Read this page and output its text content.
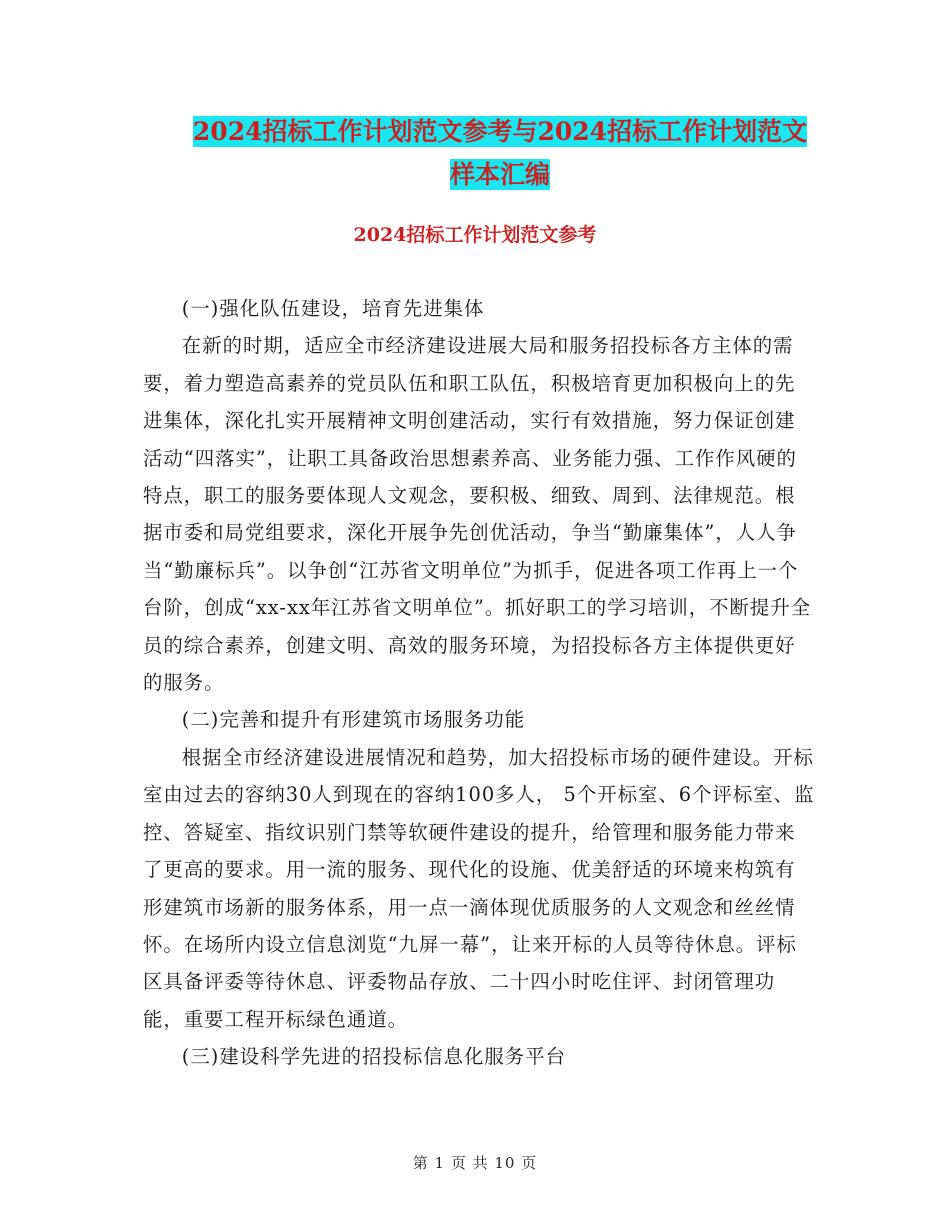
2024招标工作计划范文参考与2024招标工作计划范文
样本汇编
2024招标工作计划范文参考

(一)强化队伍建设，培育先进集体

在新的时期，适应全市经济建设进展大局和服务招投标各方主体的需要，着力塑造高素养的党员队伍和职工队伍，积极培育更加积极向上的先进集体，深化扎实开展精神文明创建活动，实行有效措施，努力保证创建活动“四落实”，让职工具备政治思想素养高、业务能力强、工作作风硬的特点，职工的服务要体现人文观念，要积极、细致、周到、法律规范。根据市委和局党组要求，深化开展争先创优活动，争当“勤廉集体”，人人争当“勤廉标兵”。以争创“江苏省文明单位”为抓手，促进各项工作再上一个台阶，创成“xx-xx年江苏省文明单位”。抓好职工的学习培训，不断提升全员的综合素养，创建文明、高效的服务环境，为招投标各方主体提供更好的服务。

(二)完善和提升有形建筑市场服务功能

根据全市经济建设进展情况和趋势，加大招投标市场的硬件建设。开标室由过去的容纳30人到现在的容纳100多人， 5个开标室、6个评标室、监控、答疑室、指纹识别门禁等软硬件建设的提升，给管理和服务能力带来了更高的要求。用一流的服务、现代化的设施、优美舒适的环境来构筑有形建筑市场新的服务体系，用一点一滴体现优质服务的人文观念和丝丝情怀。在场所内设立信息浏览“九屏一幕”，让来开标的人员等待休息。评标区具备评委等待休息、评委物品存放、二十四小时吃住评、封闭管理功能，重要工程开标绿色通道。

(三)建设科学先进的招投标信息化服务平台

第 1 页 共 10 页
